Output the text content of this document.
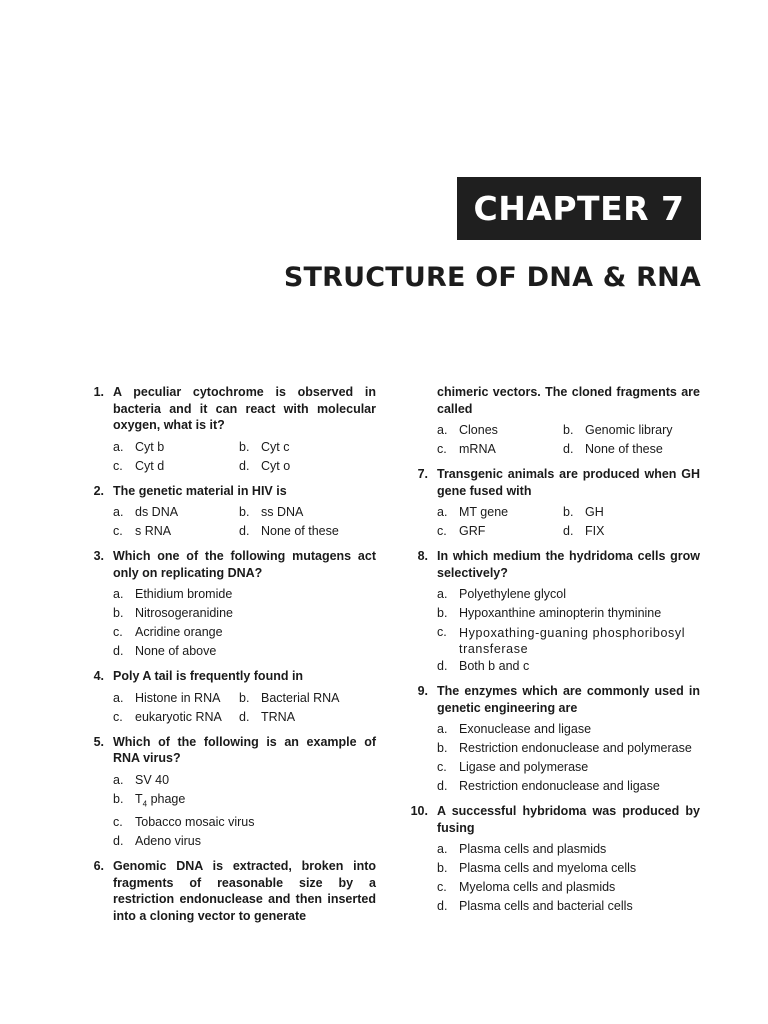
CHAPTER 7
STRUCTURE OF DNA & RNA
1. A peculiar cytochrome is observed in bacteria and it can react with molecular oxygen, what is it?
a. Cyt b	b. Cyt c
c. Cyt d	d. Cyt o
2. The genetic material in HIV is
a. ds DNA	b. ss DNA
c. s RNA	d. None of these
3. Which one of the following mutagens act only on replicating DNA?
a. Ethidium bromide
b. Nitrosogeranidine
c. Acridine orange
d. None of above
4. Poly A tail is frequently found in
a. Histone in RNA	b. Bacterial RNA
c. eukaryotic RNA	d. TRNA
5. Which of the following is an example of RNA virus?
a. SV 40
b. $T_4$ phage
c. Tobacco mosaic virus
d. Adeno virus
6. Genomic DNA is extracted, broken into fragments of reasonable size by a restriction endonuclease and then inserted into a cloning vector to generate
chimeric vectors. The cloned fragments are called
a. Clones	b. Genomic library
c. mRNA	d. None of these
7. Transgenic animals are produced when GH gene fused with
a. MT gene	b. GH
c. GRF	d. FIX
8. In which medium the hydridoma cells grow selectively?
a. Polyethylene glycol
b. Hypoxanthine aminopterin thyminine
c. Hypoxathing-guaning phosphoribosyl transferase
d. Both b and c
9. The enzymes which are commonly used in genetic engineering are
a. Exonuclease and ligase
b. Restriction endonuclease and polymerase
c. Ligase and polymerase
d. Restriction endonuclease and ligase
10. A successful hybridoma was produced by fusing
a. Plasma cells and plasmids
b. Plasma cells and myeloma cells
c. Myeloma cells and plasmids
d. Plasma cells and bacterial cells
